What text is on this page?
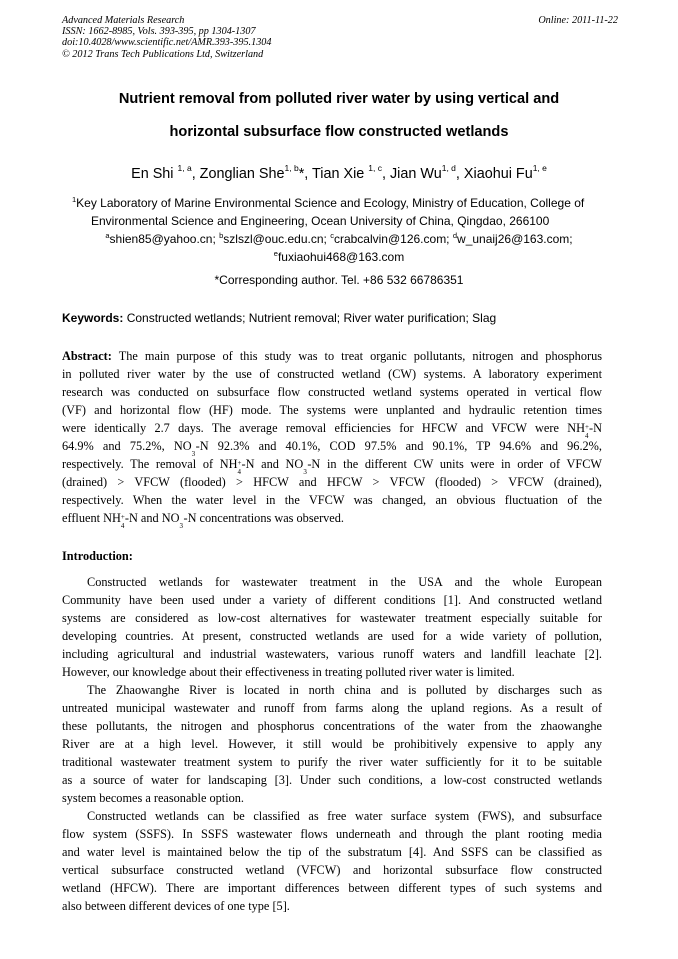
Advanced Materials Research
ISSN: 1662-8985, Vols. 393-395, pp 1304-1307
doi:10.4028/www.scientific.net/AMR.393-395.1304
© 2012 Trans Tech Publications Ltd, Switzerland
Online: 2011-11-22
Nutrient removal from polluted river water by using vertical and
horizontal subsurface flow constructed wetlands
En Shi $^{1, a}$, Zonglian She$^{1, b}$*, Tian Xie $^{1, c}$, Jian Wu$^{1, d}$, Xiaohui Fu$^{1, e}$
$^1$Key Laboratory of Marine Environmental Science and Ecology, Ministry of Education, College of
Environmental Science and Engineering, Ocean University of China, Qingdao, 266100
$^a$shien85@yahoo.cn; $^b$szlszl@ouc.edu.cn; $^c$crabcalvin@126.com; $^d$w_unaij26@163.com;
$^e$fuxiaohui468@163.com
*Corresponding author. Tel. +86 532 66786351
Keywords: Constructed wetlands; Nutrient removal; River water purification; Slag
Abstract: The main purpose of this study was to treat organic pollutants, nitrogen and phosphorus
in polluted river water by the use of constructed wetland (CW) systems. A laboratory experiment
research was conducted on subsurface flow constructed wetland systems operated in vertical flow
(VF) and horizontal flow (HF) mode. The systems were unplanted and hydraulic retention times
were identically 2.7 days. The average removal efficiencies for HFCW and VFCW were NH +
4
-N
64.9% and 75.2%, NO
3
-N 92.3% and 40.1%, COD 97.5% and 90.1%, TP 94.6% and 96.2%,
respectively. The removal of NH +
4
-N and NO
3
-N in the different CW units were in order of VFCW
(drained) > VFCW (flooded) > HFCW and HFCW > VFCW (flooded) > VFCW (drained),
respectively. When the water level in the VFCW was changed, an obvious fluctuation of the
effluent NH +
4
-N and NO
3
-N concentrations was observed.
Introduction:
Constructed wetlands for wastewater treatment in the USA and the whole European
Community have been used under a variety of different conditions [1]. And constructed wetland
systems are considered as low-cost alternatives for wastewater treatment especially suitable for
developing countries. At present, constructed wetlands are used for a wide variety of pollution,
including agricultural and industrial wastewaters, various runoff waters and landfill leachate [2].
However, our knowledge about their effectiveness in treating polluted river water is limited.
The Zhaowanghe River is located in north china and is polluted by discharges such as
untreated municipal wastewater and runoff from farms along the upland regions. As a result of
these pollutants, the nitrogen and phosphorus concentrations of the water from the zhaowanghe
River are at a high level. However, it still would be prohibitively expensive to apply any
traditional wastewater treatment system to purify the river water sufficiently for it to be suitable
as a source of water for landscaping [3]. Under such conditions, a low-cost constructed wetlands
system becomes a reasonable option.
Constructed wetlands can be classified as free water surface system (FWS), and subsurface
flow system (SSFS). In SSFS wastewater flows underneath and through the plant rooting media
and water level is maintained below the tip of the substratum [4]. And SSFS can be classified as
vertical subsurface constructed wetland (VFCW) and horizontal subsurface flow constructed
wetland (HFCW). There are important differences between different types of such systems and
also between different devices of one type [5].
